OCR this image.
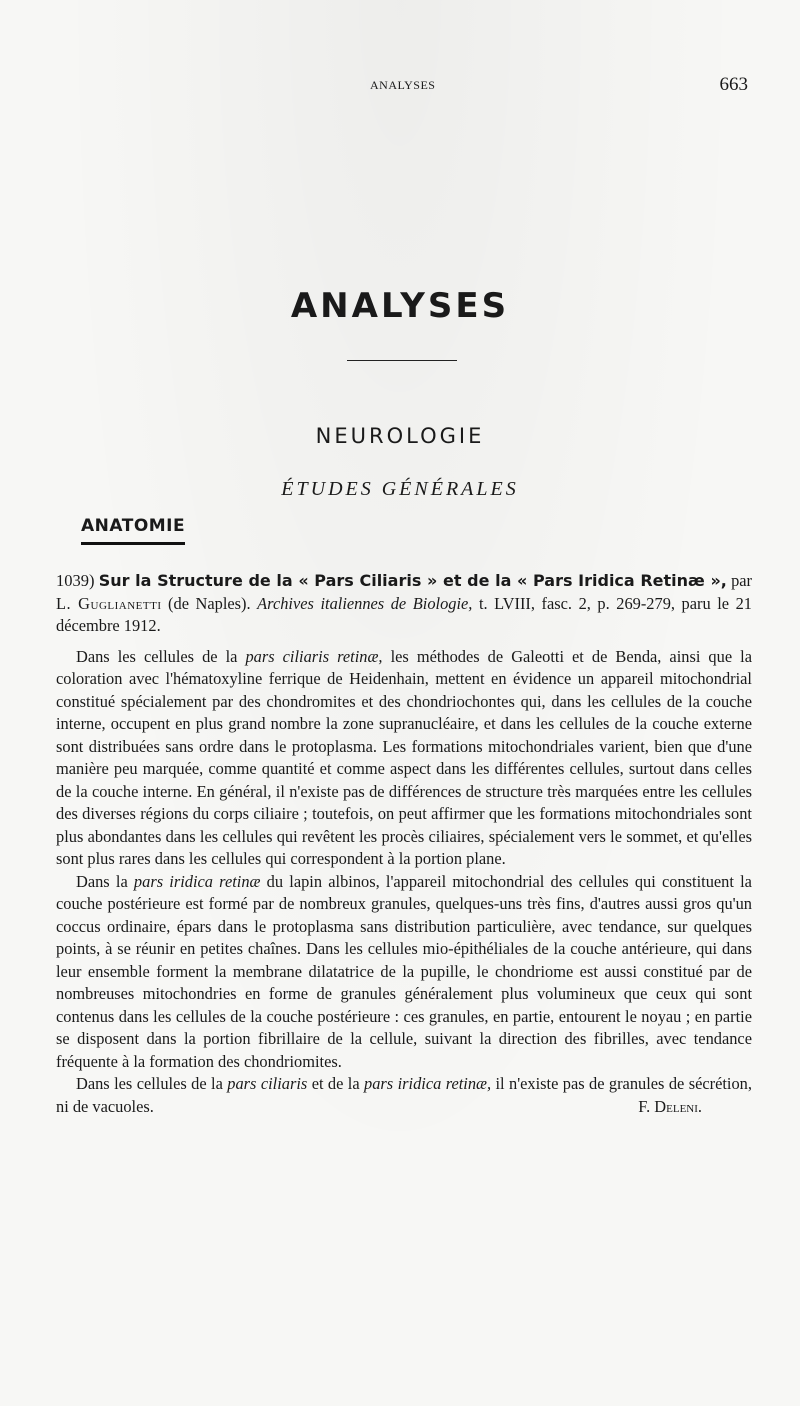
ANALYSES	663
ANALYSES
NEUROLOGIE
ÉTUDES GÉNÉRALES
ANATOMIE

1039) Sur la Structure de la « Pars Ciliaris » et de la « Pars Iridica Retinæ », par L. Guglianetti (de Naples). Archives italiennes de Biologie, t. LVIII, fasc. 2, p. 269-279, paru le 21 décembre 1912.

Dans les cellules de la pars ciliaris retinæ, les méthodes de Galeotti et de Benda, ainsi que la coloration avec l'hématoxyline ferrique de Heidenhain, mettent en évidence un appareil mitochondrial constitué spécialement par des chondromites et des chondriochontes qui, dans les cellules de la couche interne, occupent en plus grand nombre la zone supranucléaire, et dans les cellules de la couche externe sont distribuées sans ordre dans le protoplasma. Les formations mitochondriales varient, bien que d'une manière peu marquée, comme quantité et comme aspect dans les différentes cellules, surtout dans celles de la couche interne. En général, il n'existe pas de différences de structure très marquées entre les cellules des diverses régions du corps ciliaire ; toutefois, on peut affirmer que les formations mitochondriales sont plus abondantes dans les cellules qui revêtent les procès ciliaires, spécialement vers le sommet, et qu'elles sont plus rares dans les cellules qui correspondent à la portion plane.

Dans la pars iridica retinæ du lapin albinos, l'appareil mitochondrial des cellules qui constituent la couche postérieure est formé par de nombreux granules, quelques-uns très fins, d'autres aussi gros qu'un coccus ordinaire, épars dans le protoplasma sans distribution particulière, avec tendance, sur quelques points, à se réunir en petites chaînes. Dans les cellules mio-épithéliales de la couche antérieure, qui dans leur ensemble forment la membrane dilatatrice de la pupille, le chondriome est aussi constitué par de nombreuses mitochondries en forme de granules généralement plus volumineux que ceux qui sont contenus dans les cellules de la couche postérieure : ces granules, en partie, entourent le noyau ; en partie se disposent dans la portion fibrillaire de la cellule, suivant la direction des fibrilles, avec tendance fréquente à la formation des chondriomites.

Dans les cellules de la pars ciliaris et de la pars iridica retinæ, il n'existe pas de granules de sécrétion, ni de vacuoles.	F. Deleni.
